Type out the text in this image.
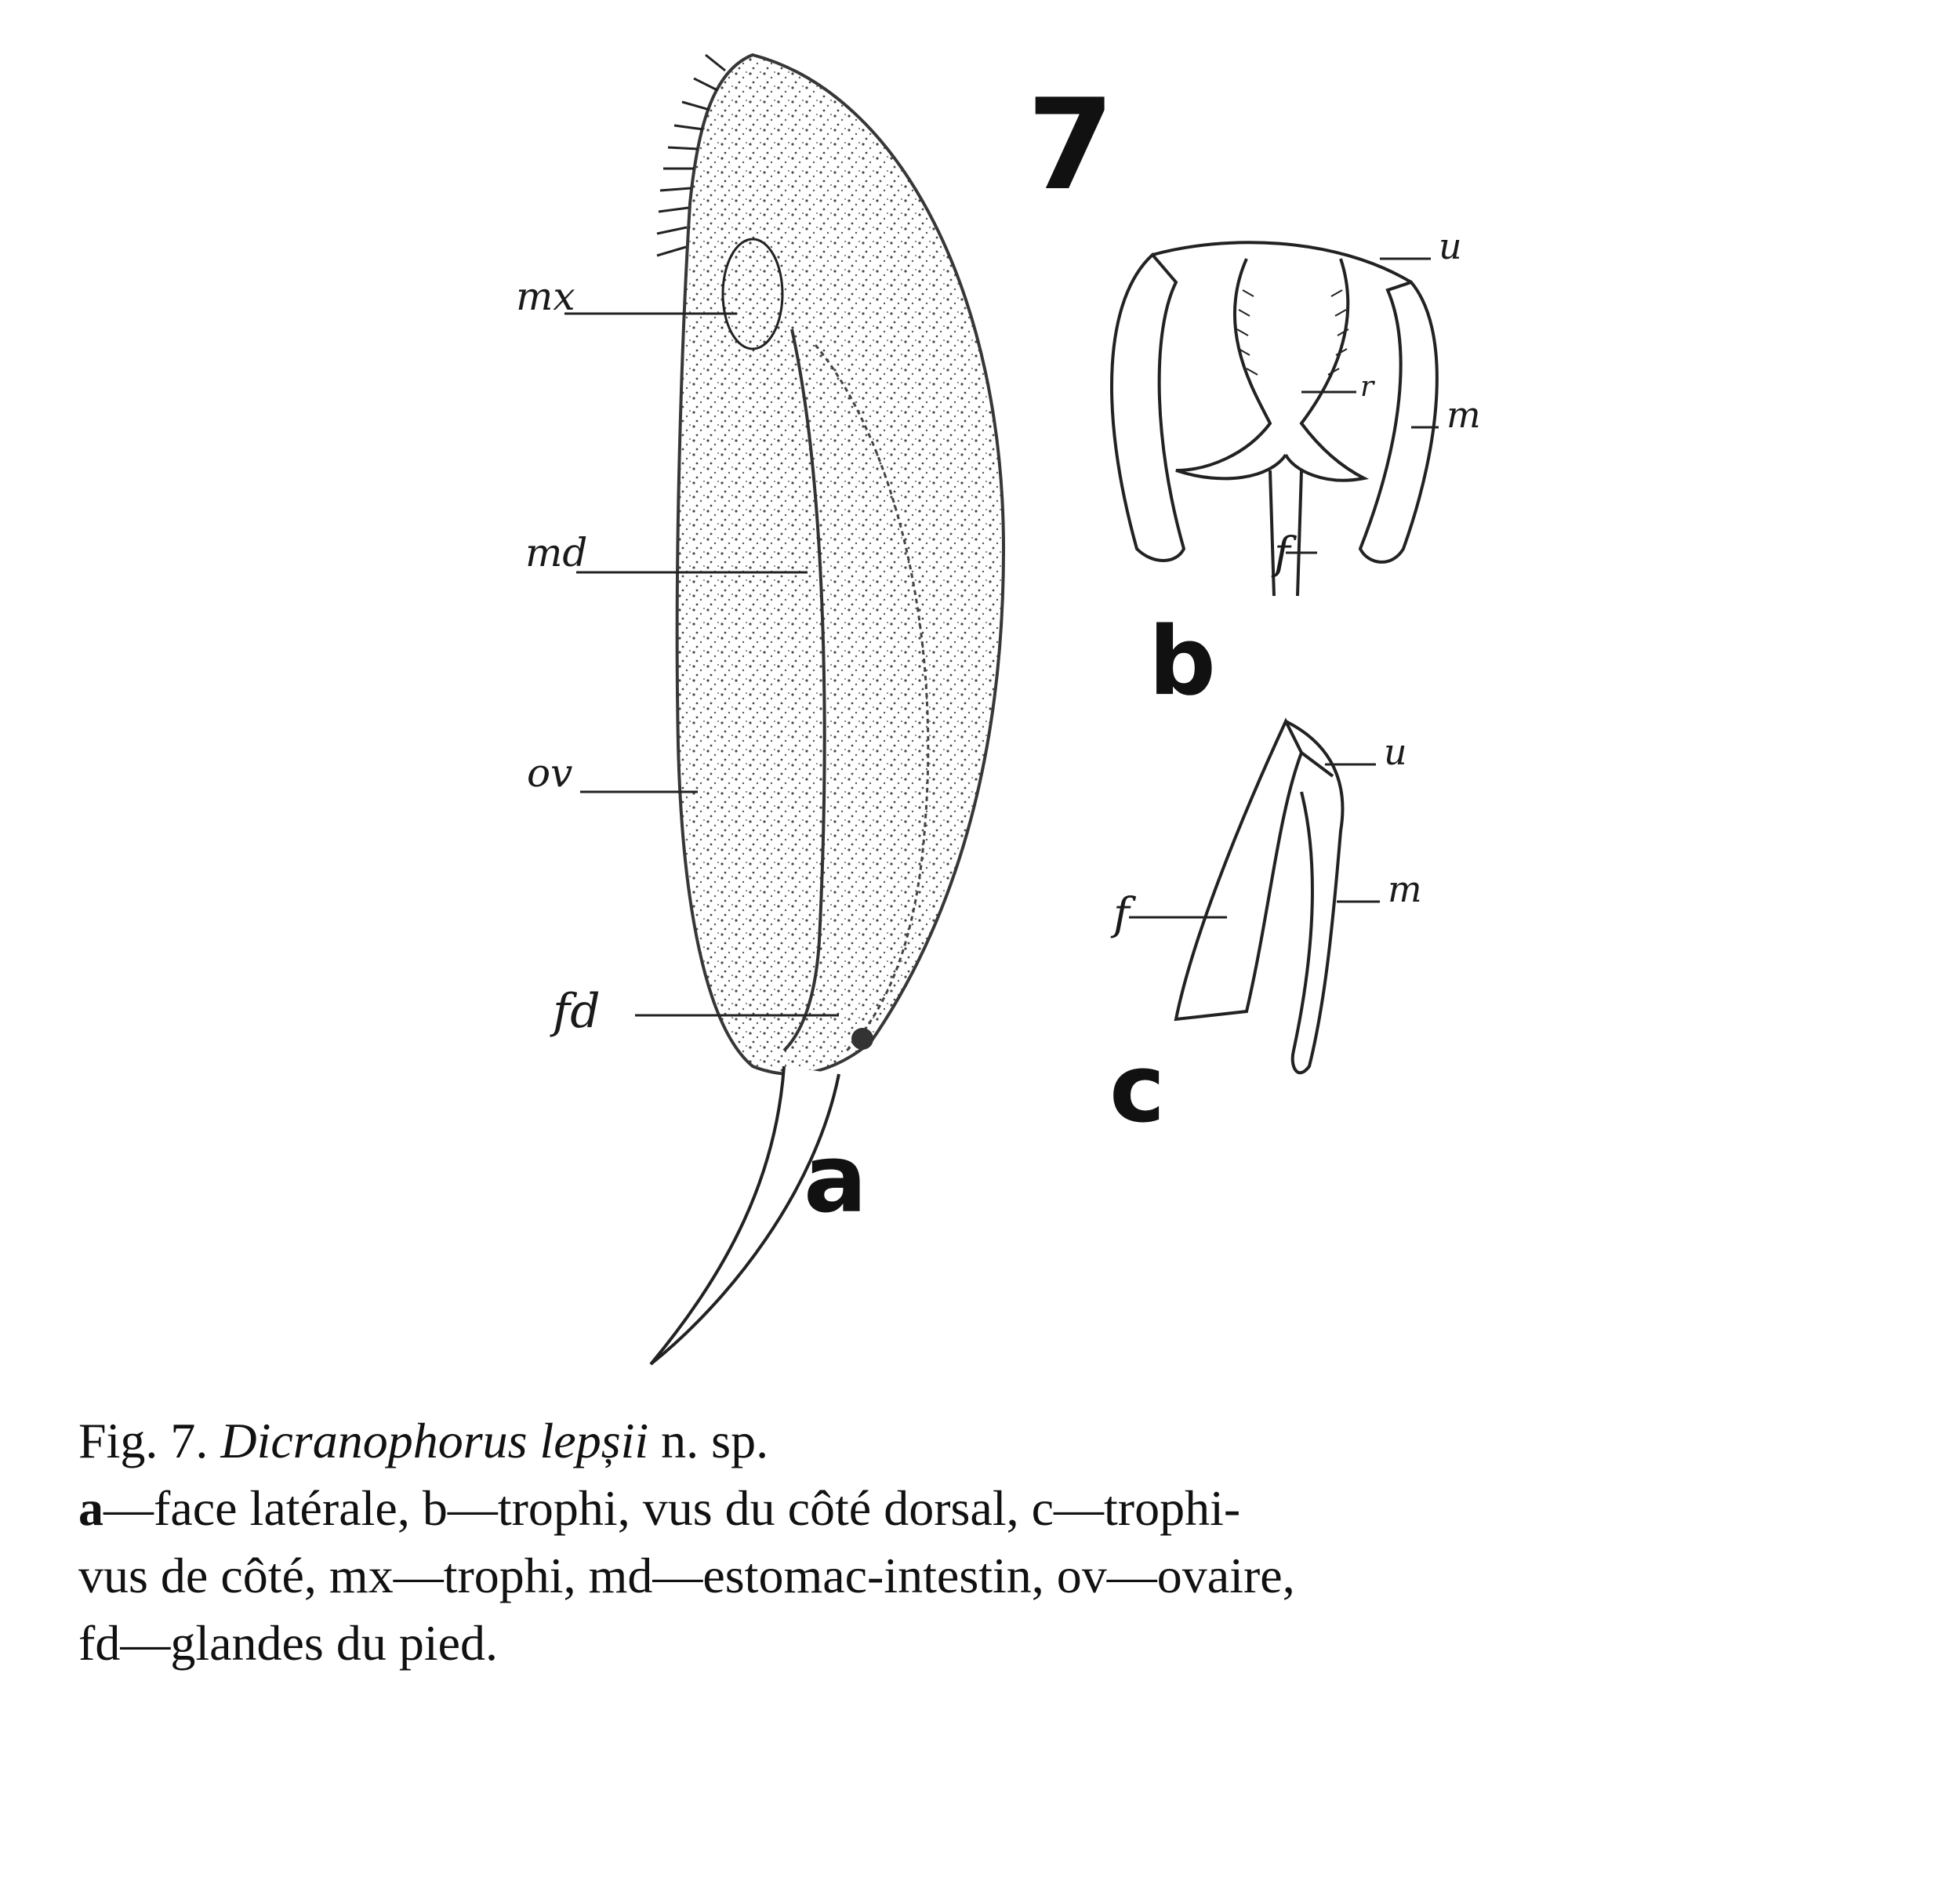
7
mx
md
ov
fd
u
r
m
f
u
m
f
a
b
c
Fig. 7. Dicranophorus lepșii n. sp.
a—face latérale, b—trophi, vus du côté dorsal, c—trophi-
vus de côté, mx—trophi, md—estomac-intestin, ov—ovaire,
fd—glandes du pied.
